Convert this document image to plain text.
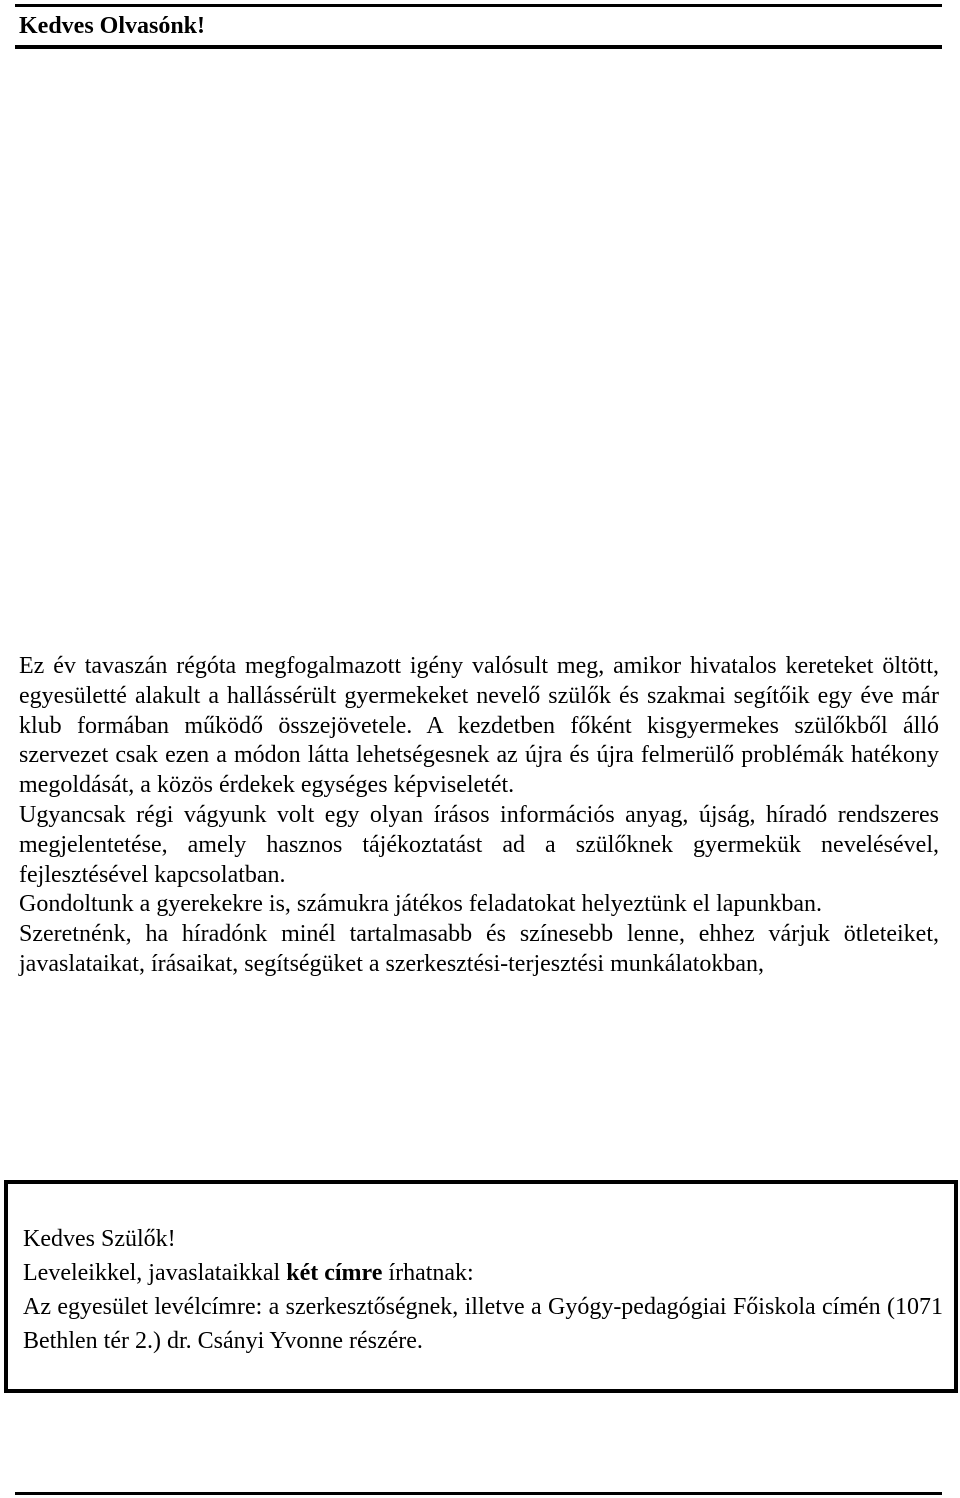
Kedves Olvasónk!

Ez év tavaszán régóta megfogalmazott igény valósult meg, amikor hivatalos kereteket öltött, egyesületté alakult a hallássérült gyermekeket nevelő szülők és szakmai segítőik egy éve már klub formában működő összejövetele. A kezdetben főként kisgyermekes szülőkből álló szervezet csak ezen a módon látta lehetségesnek az újra és újra felmerülő problémák hatékony megoldását, a közös érdekek egységes képviseletét.

Ugyancsak régi vágyunk volt egy olyan írásos információs anyag, újság, híradó rendszeres megjelentetése, amely hasznos tájékoztatást ad a szülőknek gyermekük nevelésével, fejlesztésével kapcsolatban.

Gondoltunk a gyerekekre is, számukra játékos feladatokat helyeztünk el lapunkban.

Szeretnénk, ha híradónk minél tartalmasabb és színesebb lenne, ehhez várjuk ötleteiket, javaslataikat, írásaikat, segítségüket a szerkesztési-terjesztési munkálatokban,

Kedves Szülők!

Leveleikkel, javaslataikkal két címre írhatnak:

Az egyesület levélcímre: a szerkesztőségnek, illetve a Gyógy-pedagógiai Főiskola címén (1071 Bethlen tér 2.) dr. Csányi Yvonne részére.
